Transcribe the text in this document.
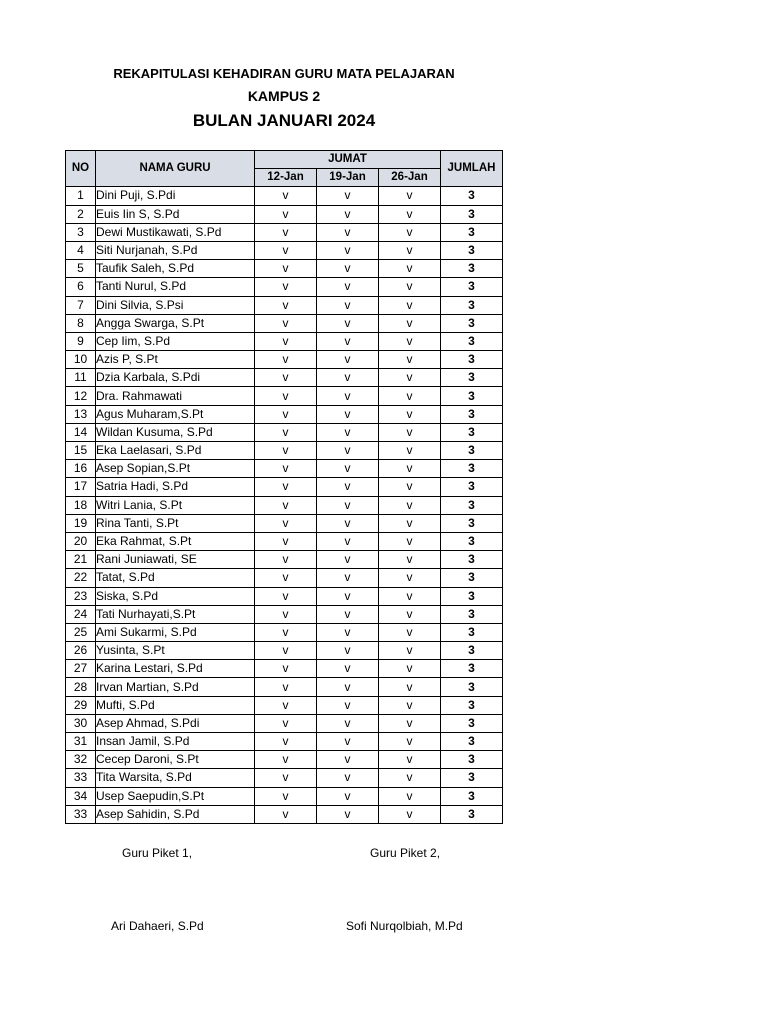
REKAPITULASI KEHADIRAN GURU MATA PELAJARAN
KAMPUS 2
BULAN JANUARI 2024
NO	NAMA GURU	JUMAT			JUMLAH
		12-Jan	19-Jan	26-Jan	
1	Dini Puji, S.Pdi	v	v	v	3
2	Euis Iin S, S.Pd	v	v	v	3
3	Dewi Mustikawati, S.Pd	v	v	v	3
4	Siti Nurjanah, S.Pd	v	v	v	3
5	Taufik Saleh, S.Pd	v	v	v	3
6	Tanti Nurul, S.Pd	v	v	v	3
7	Dini Silvia, S.Psi	v	v	v	3
8	Angga Swarga, S.Pt	v	v	v	3
9	Cep Iim, S.Pd	v	v	v	3
10	Azis P, S.Pt	v	v	v	3
11	Dzia Karbala, S.Pdi	v	v	v	3
12	Dra. Rahmawati	v	v	v	3
13	Agus Muharam,S.Pt	v	v	v	3
14	Wildan Kusuma, S.Pd	v	v	v	3
15	Eka Laelasari, S.Pd	v	v	v	3
16	Asep Sopian,S.Pt	v	v	v	3
17	Satria Hadi, S.Pd	v	v	v	3
18	Witri Lania, S.Pt	v	v	v	3
19	Rina Tanti, S.Pt	v	v	v	3
20	Eka Rahmat, S.Pt	v	v	v	3
21	Rani Juniawati, SE	v	v	v	3
22	Tatat, S.Pd	v	v	v	3
23	Siska, S.Pd	v	v	v	3
24	Tati Nurhayati,S.Pt	v	v	v	3
25	Ami Sukarmi, S.Pd	v	v	v	3
26	Yusinta, S.Pt	v	v	v	3
27	Karina Lestari, S.Pd	v	v	v	3
28	Irvan Martian, S.Pd	v	v	v	3
29	Mufti, S.Pd	v	v	v	3
30	Asep Ahmad, S.Pdi	v	v	v	3
31	Insan Jamil, S.Pd	v	v	v	3
32	Cecep Daroni, S.Pt	v	v	v	3
33	Tita Warsita, S.Pd	v	v	v	3
34	Usep Saepudin,S.Pt	v	v	v	3
33	Asep Sahidin, S.Pd	v	v	v	3
Guru Piket 1,	Guru Piket 2,
Ari Dahaeri, S.Pd	Sofi Nurqolbiah, M.Pd
